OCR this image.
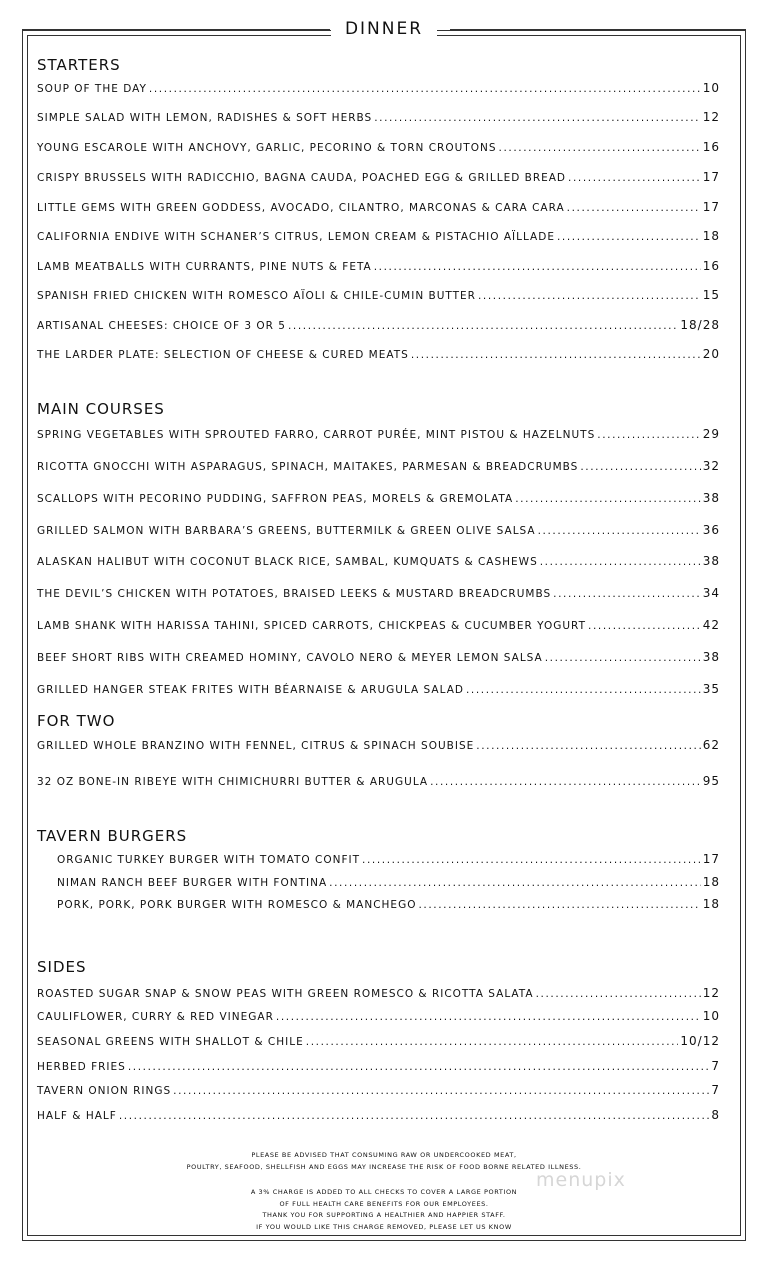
DINNER
STARTERS
SOUP OF THE DAY .....	10
SIMPLE SALAD WITH LEMON, RADISHES & SOFT HERBS .....	12
YOUNG ESCAROLE WITH ANCHOVY, GARLIC, PECORINO & TORN CROUTONS .....	16
CRISPY BRUSSELS WITH RADICCHIO, BAGNA CAUDA, POACHED EGG & GRILLED BREAD .....	17
LITTLE GEMS WITH GREEN GODDESS, AVOCADO, CILANTRO, MARCONAS & CARA CARA .....	17
CALIFORNIA ENDIVE WITH SCHANER’S CITRUS, LEMON CREAM & PISTACHIO AÏLLADE .....	18
LAMB MEATBALLS WITH CURRANTS, PINE NUTS & FETA .....	16
SPANISH FRIED CHICKEN WITH ROMESCO AÏOLI & CHILE-CUMIN BUTTER .....	15
ARTISANAL CHEESES: CHOICE OF 3 OR 5 .....	18/28
THE LARDER PLATE: SELECTION OF CHEESE & CURED MEATS .....	20
MAIN COURSES
SPRING VEGETABLES WITH SPROUTED FARRO, CARROT PURÉE, MINT PISTOU & HAZELNUTS .....	29
RICOTTA GNOCCHI WITH ASPARAGUS, SPINACH, MAITAKES, PARMESAN & BREADCRUMBS .....	32
SCALLOPS WITH PECORINO PUDDING, SAFFRON PEAS, MORELS & GREMOLATA .....	38
GRILLED SALMON WITH BARBARA’S GREENS, BUTTERMILK & GREEN OLIVE SALSA .....	36
ALASKAN HALIBUT WITH COCONUT BLACK RICE, SAMBAL, KUMQUATS & CASHEWS .....	38
THE DEVIL’S CHICKEN WITH POTATOES, BRAISED LEEKS & MUSTARD BREADCRUMBS .....	34
LAMB SHANK WITH HARISSA TAHINI, SPICED CARROTS, CHICKPEAS & CUCUMBER YOGURT .....	42
BEEF SHORT RIBS WITH CREAMED HOMINY, CAVOLO NERO & MEYER LEMON SALSA .....	38
GRILLED HANGER STEAK FRITES WITH BÉARNAISE & ARUGULA SALAD .....	35
FOR TWO
GRILLED WHOLE BRANZINO WITH FENNEL, CITRUS & SPINACH SOUBISE .....	62
32 OZ BONE-IN RIBEYE WITH CHIMICHURRI BUTTER & ARUGULA .....	95
TAVERN BURGERS
ORGANIC TURKEY BURGER WITH TOMATO CONFIT .....	17
NIMAN RANCH BEEF BURGER WITH FONTINA .....	18
PORK, PORK, PORK BURGER WITH ROMESCO & MANCHEGO .....	18
SIDES
ROASTED SUGAR SNAP & SNOW PEAS WITH GREEN ROMESCO & RICOTTA SALATA .....	12
CAULIFLOWER, CURRY & RED VINEGAR .....	10
SEASONAL GREENS WITH SHALLOT & CHILE .....	10/12
HERBED FRIES .....	7
TAVERN ONION RINGS .....	7
HALF & HALF .....	8
PLEASE BE ADVISED THAT CONSUMING RAW OR UNDERCOOKED MEAT,
POULTRY, SEAFOOD, SHELLFISH AND EGGS MAY INCREASE THE RISK OF FOOD BORNE RELATED ILLNESS.
A 3% CHARGE IS ADDED TO ALL CHECKS TO COVER A LARGE PORTION
OF FULL HEALTH CARE BENEFITS FOR OUR EMPLOYEES.
THANK YOU FOR SUPPORTING A HEALTHIER AND HAPPIER STAFF.
IF YOU WOULD LIKE THIS CHARGE REMOVED, PLEASE LET US KNOW
menupix
